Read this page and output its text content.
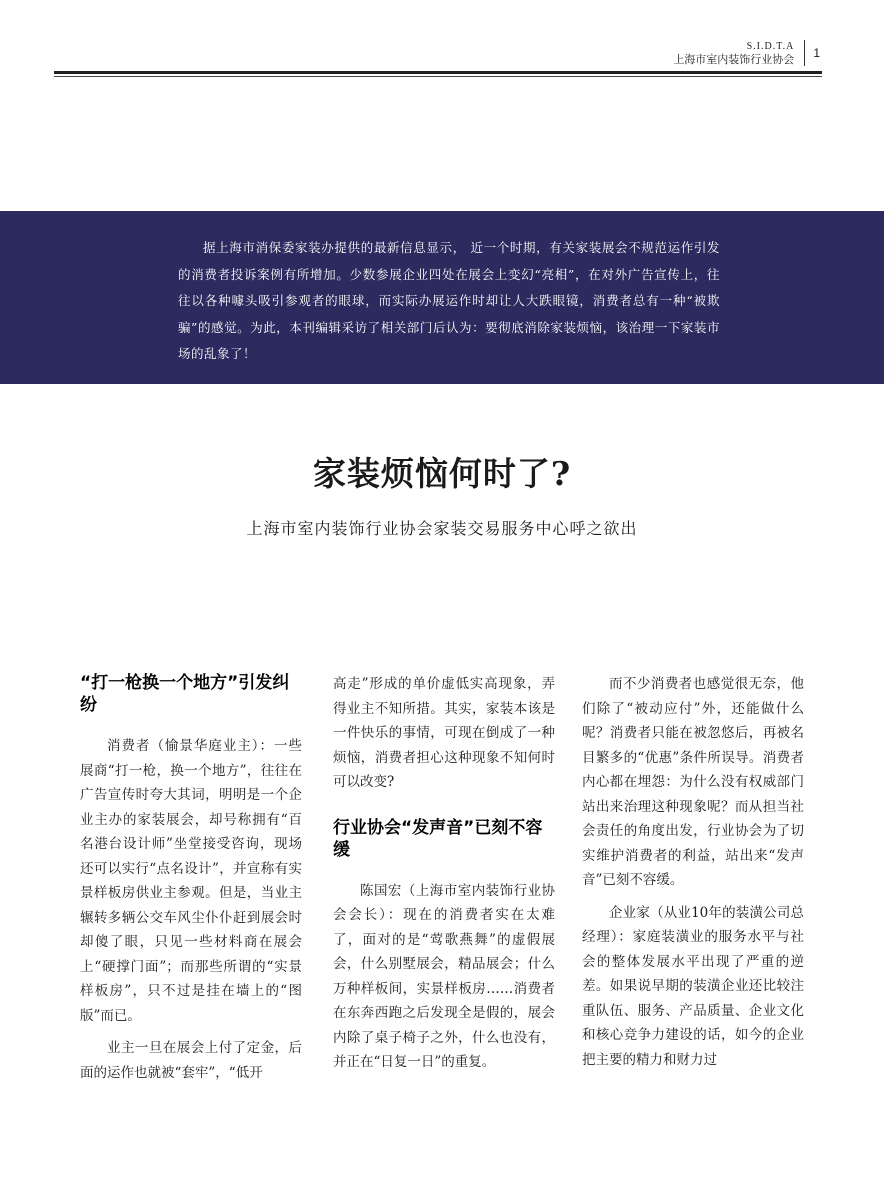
S.I.D.T.A
上海市室内装饰行业协会 1

据上海市消保委家装办提供的最新信息显示， 近一个时期，有关家装展会不规范运作引发的消费者投诉案例有所增加。少数参展企业四处在展会上变幻“亮相”，在对外广告宣传上，往往以各种噱头吸引参观者的眼球，而实际办展运作时却让人大跌眼镜，消费者总有一种“被欺骗”的感觉。为此，本刊编辑采访了相关部门后认为：要彻底消除家装烦恼，该治理一下家装市场的乱象了！

家装烦恼何时了?

上海市室内装饰行业协会家装交易服务中心呼之欲出

“打一枪换一个地方”引发纠纷

消费者（愉景华庭业主）：一些展商“打一枪，换一个地方”，往往在广告宣传时夸大其词，明明是一个企业主办的家装展会，却号称拥有“百名港台设计师”坐堂接受咨询，现场还可以实行“点名设计”，并宣称有实景样板房供业主参观。但是，当业主辗转多辆公交车风尘仆仆赶到展会时却傻了眼，只见一些材料商在展会上“硬撑门面”；而那些所谓的“实景样板房”，只不过是挂在墙上的“图版”而已。

业主一旦在展会上付了定金，后面的运作也就被“套牢”，“低开

高走”形成的单价虚低实高现象，弄得业主不知所措。其实，家装本该是一件快乐的事情，可现在倒成了一种烦恼，消费者担心这种现象不知何时可以改变?

行业协会“发声音”已刻不容缓

陈国宏（上海市室内装饰行业协会会长）：现在的消费者实在太难了，面对的是“莺歌燕舞”的虚假展会，什么别墅展会，精品展会；什么万种样板间，实景样板房……消费者在东奔西跑之后发现全是假的，展会内除了桌子椅子之外，什么也没有，并正在“日复一日”的重复。

而不少消费者也感觉很无奈，他们除了“被动应付”外，还能做什么呢？消费者只能在被忽悠后，再被名目繁多的“优惠”条件所误导。消费者内心都在埋怨：为什么没有权威部门站出来治理这种现象呢？而从担当社会责任的角度出发，行业协会为了切实维护消费者的利益，站出来“发声音”已刻不容缓。

企业家（从业10年的装潢公司总经理）：家庭装潢业的服务水平与社会的整体发展水平出现了严重的逆差。如果说早期的装潢企业还比较注重队伍、服务、产品质量、企业文化和核心竞争力建设的话，如今的企业把主要的精力和财力过
